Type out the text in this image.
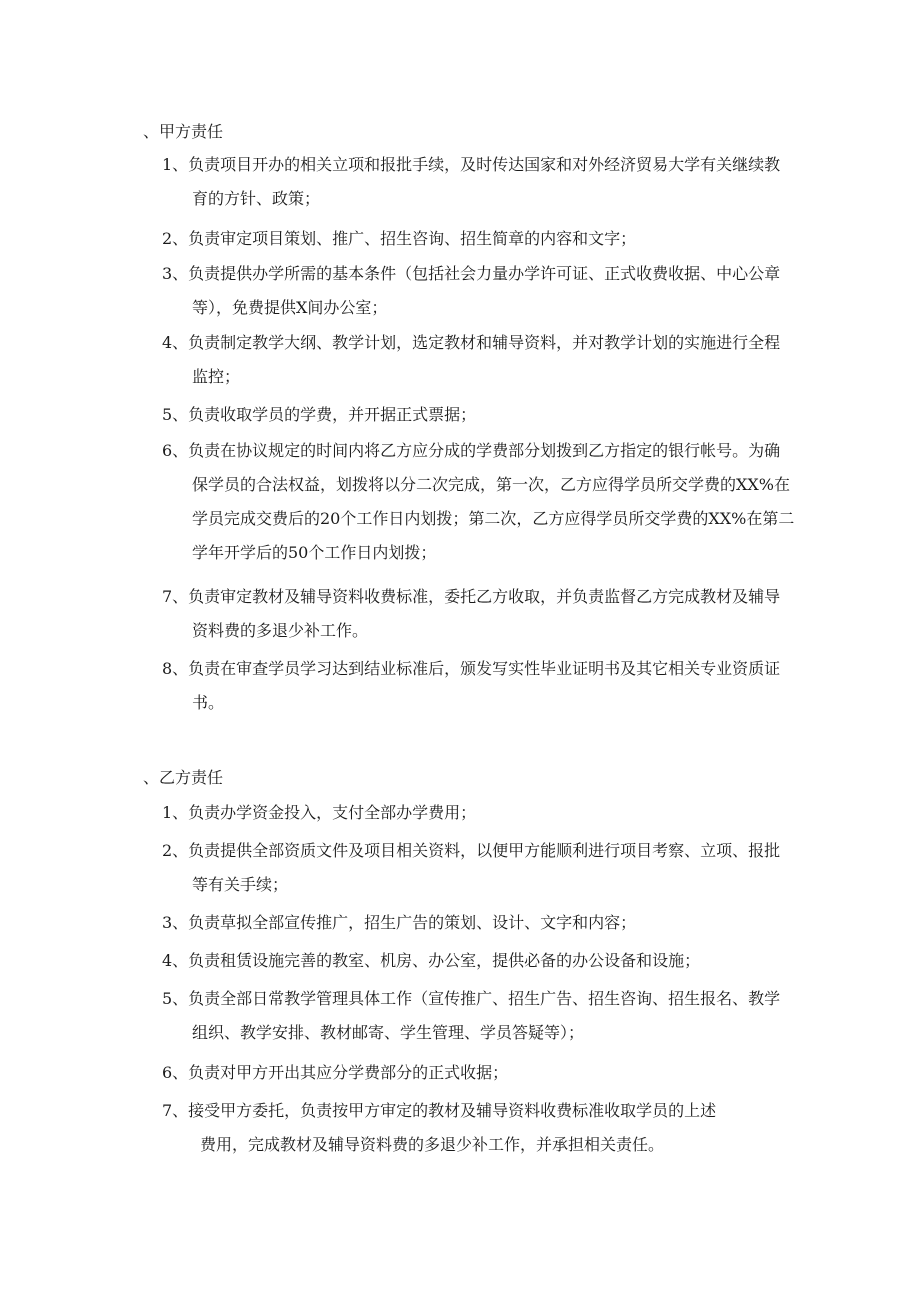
、甲方责任
1、负责项目开办的相关立项和报批手续，及时传达国家和对外经济贸易大学有关继续教
育的方针、政策；
2、负责审定项目策划、推广、招生咨询、招生简章的内容和文字；
3、负责提供办学所需的基本条件（包括社会力量办学许可证、正式收费收据、中心公章
等），免费提供X间办公室；
4、负责制定教学大纲、教学计划，选定教材和辅导资料，并对教学计划的实施进行全程
监控；
5、负责收取学员的学费，并开据正式票据；
6、负责在协议规定的时间内将乙方应分成的学费部分划拨到乙方指定的银行帐号。为确
保学员的合法权益，划拨将以分二次完成，第一次，乙方应得学员所交学费的XX%在
学员完成交费后的20个工作日内划拨；第二次，乙方应得学员所交学费的XX%在第二
学年开学后的50个工作日内划拨；
7、负责审定教材及辅导资料收费标准，委托乙方收取，并负责监督乙方完成教材及辅导
资料费的多退少补工作。
8、负责在审查学员学习达到结业标准后，颁发写实性毕业证明书及其它相关专业资质证
书。
、乙方责任
1、负责办学资金投入，支付全部办学费用；
2、负责提供全部资质文件及项目相关资料，以便甲方能顺利进行项目考察、立项、报批
等有关手续；
3、负责草拟全部宣传推广，招生广告的策划、设计、文字和内容；
4、负责租赁设施完善的教室、机房、办公室，提供必备的办公设备和设施；
5、负责全部日常教学管理具体工作（宣传推广、招生广告、招生咨询、招生报名、教学
组织、教学安排、教材邮寄、学生管理、学员答疑等）；
6、负责对甲方开出其应分学费部分的正式收据；
7、接受甲方委托，负责按甲方审定的教材及辅导资料收费标准收取学员的上述
费用，完成教材及辅导资料费的多退少补工作，并承担相关责任。
